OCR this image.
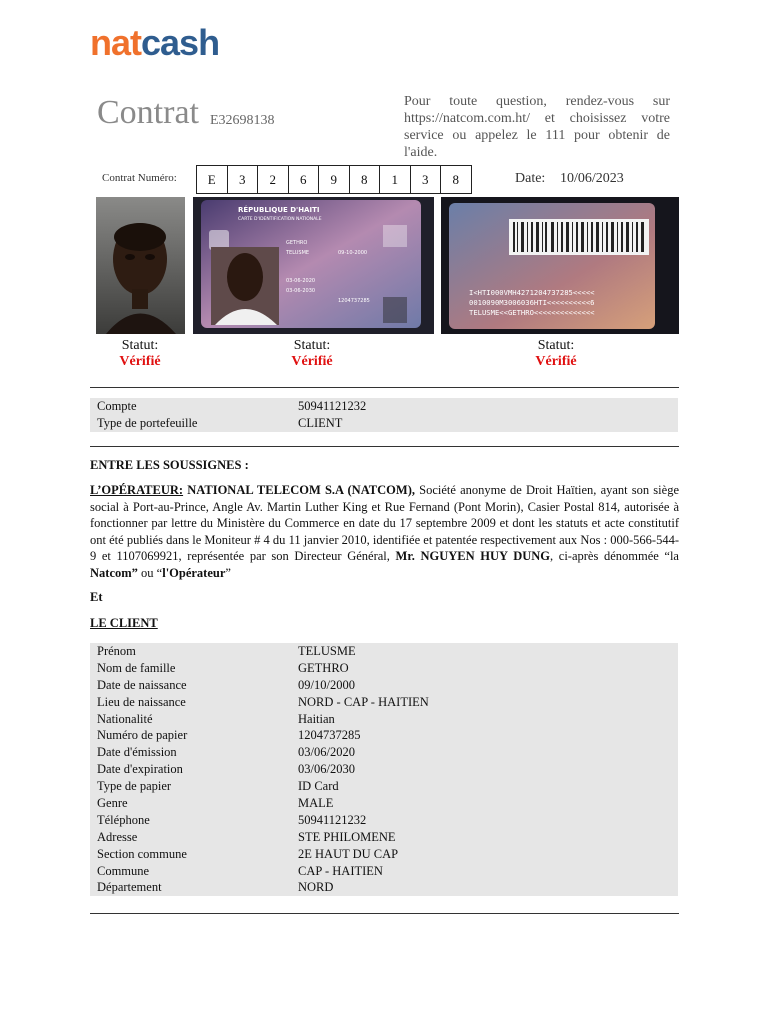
natcash
Contrat E32698138
Pour toute question, rendez-vous sur https://natcom.com.ht/ et choisissez votre service ou appelez le 111 pour obtenir de l'aide.
Contrat Numéro:	E	3	2	6	9	8	1	3	8	Date: 10/06/2023
RÉPUBLIQUE D'HAITI
CARTE D'IDENTIFICATION NATIONALE
TELUSME
GETHRO
09-10-2000
03-06-2020
03-06-2030
1204737285
I<HTI000VMH4271204737285<<<<<
0010090M3006036HTI<<<<<<<<<<6
TELUSME<<GETHRO<<<<<<<<<<<<<<
Statut:
Vérifié
Statut:
Vérifié
Statut:
Vérifié
Compte	50941121232
Type de portefeuille	CLIENT
ENTRE LES SOUSSIGNES :
L’OPÉRATEUR: NATIONAL TELECOM S.A (NATCOM), Société anonyme de Droit Haïtien, ayant son siège social à Port-au-Prince, Angle Av. Martin Luther King et Rue Fernand (Pont Morin), Casier Postal 814, autorisée à fonctionner par lettre du Ministère du Commerce en date du 17 septembre 2009 et dont les statuts et acte constitutif ont été publiés dans le Moniteur # 4 du 11 janvier 2010, identifiée et patentée respectivement aux Nos : 000-566-544-9 et 1107069921, représentée par son Directeur Général, Mr. NGUYEN HUY DUNG, ci-après dénommée “la Natcom” ou “l'Opérateur”
Et
LE CLIENT
Prénom	TELUSME
Nom de famille	GETHRO
Date de naissance	09/10/2000
Lieu de naissance	NORD - CAP - HAITIEN
Nationalité	Haitian
Numéro de papier	1204737285
Date d'émission	03/06/2020
Date d'expiration	03/06/2030
Type de papier	ID Card
Genre	MALE
Téléphone	50941121232
Adresse	STE PHILOMENE
Section commune	2E HAUT DU CAP
Commune	CAP - HAITIEN
Département	NORD
